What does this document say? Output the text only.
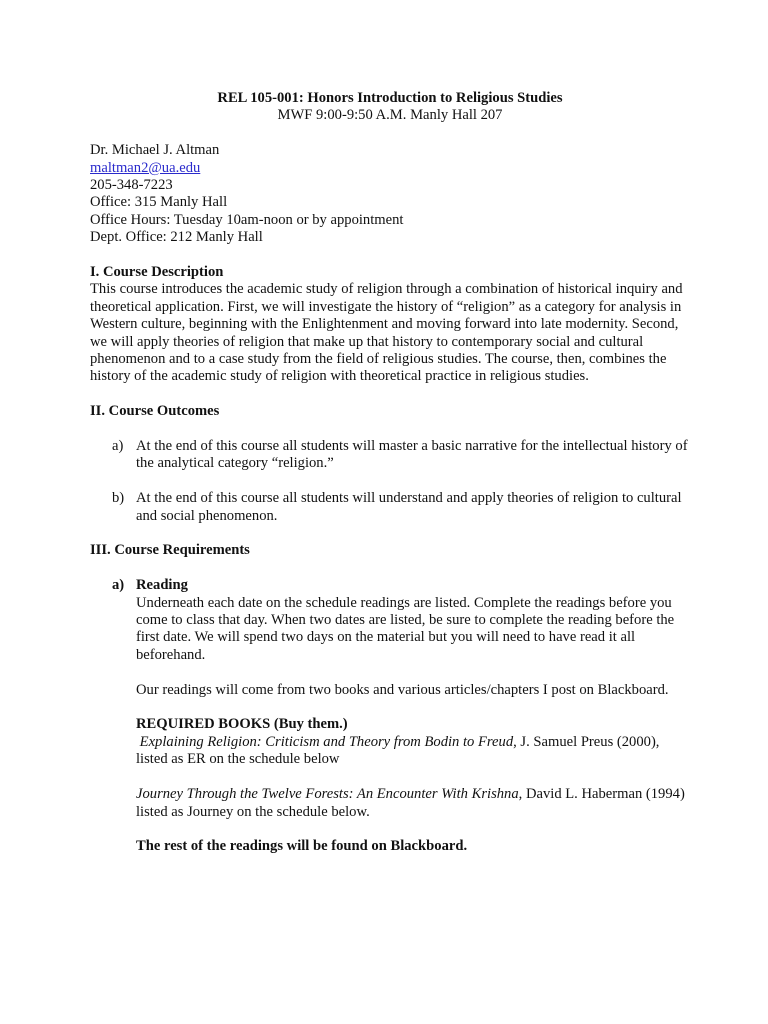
REL 105-001: Honors Introduction to Religious Studies

MWF 9:00-9:50 A.M. Manly Hall 207

Dr. Michael J. Altman

maltman2@ua.edu

205-348-7223

Office: 315 Manly Hall

Office Hours: Tuesday 10am-noon or by appointment

Dept. Office: 212 Manly Hall

I. Course Description

This course introduces the academic study of religion through a combination of historical inquiry and theoretical application. First, we will investigate the history of “religion” as a category for analysis in Western culture, beginning with the Enlightenment and moving forward into late modernity. Second, we will apply theories of religion that make up that history to contemporary social and cultural phenomenon and to a case study from the field of religious studies. The course, then, combines the history of the academic study of religion with theoretical practice in religious studies.

II. Course Outcomes

a) At the end of this course all students will master a basic narrative for the intellectual history of the analytical category “religion.”

b) At the end of this course all students will understand and apply theories of religion to cultural and social phenomenon.

III. Course Requirements

a) Reading

Underneath each date on the schedule readings are listed. Complete the readings before you come to class that day. When two dates are listed, be sure to complete the reading before the first date. We will spend two days on the material but you will need to have read it all beforehand.

Our readings will come from two books and various articles/chapters I post on Blackboard.

REQUIRED BOOKS (Buy them.)

Explaining Religion: Criticism and Theory from Bodin to Freud, J. Samuel Preus (2000), listed as ER on the schedule below

Journey Through the Twelve Forests: An Encounter With Krishna, David L. Haberman (1994) listed as Journey on the schedule below.

The rest of the readings will be found on Blackboard.
